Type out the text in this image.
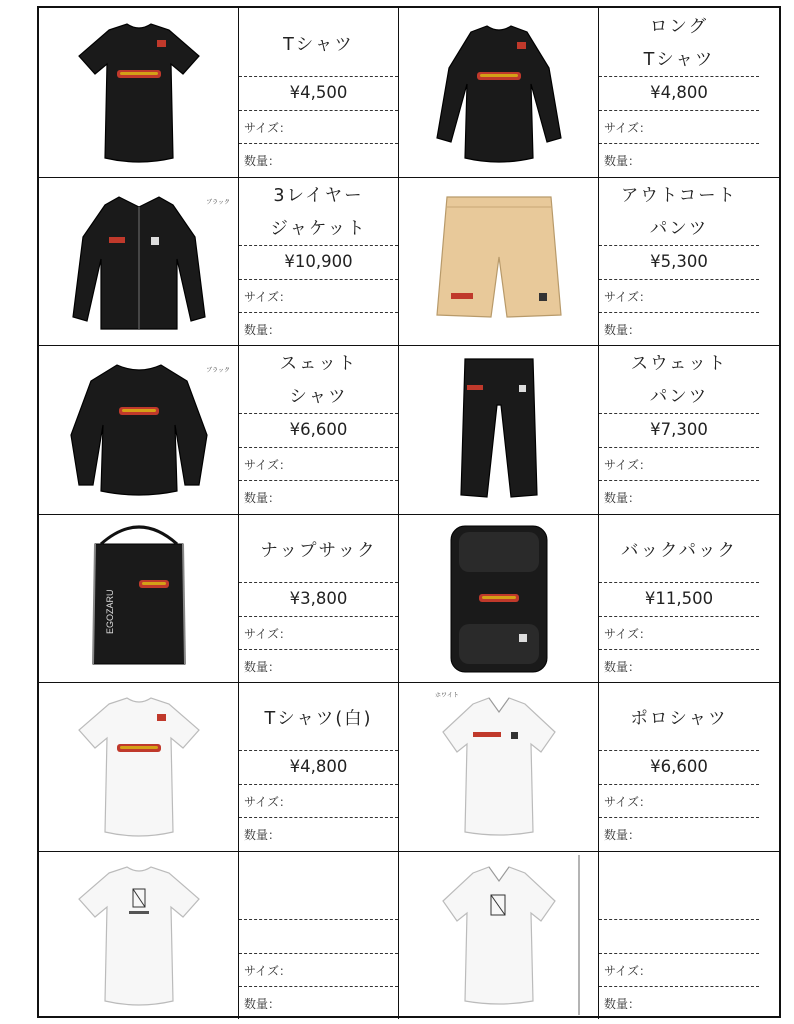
Tシャツ
¥4,500
サイズ：
数量：
ロング
Tシャツ
¥4,800
サイズ：
数量：
ブラック	3レイヤー
ジャケット
¥10,900
サイズ：
数量：
アウトコート
パンツ
¥5,300
サイズ：
数量：
ブラック	スェット
シャツ
¥6,600
サイズ：
数量：
スウェット
パンツ
¥7,300
サイズ：
数量：
EGOZARU
ナップサック
¥3,800
サイズ：
数量：
バックパック
¥11,500
サイズ：
数量：
Tシャツ(白)
¥4,800
サイズ：
数量：
ホワイト
ポロシャツ
¥6,600
サイズ：
数量：
サイズ：
数量：
サイズ：
数量：
